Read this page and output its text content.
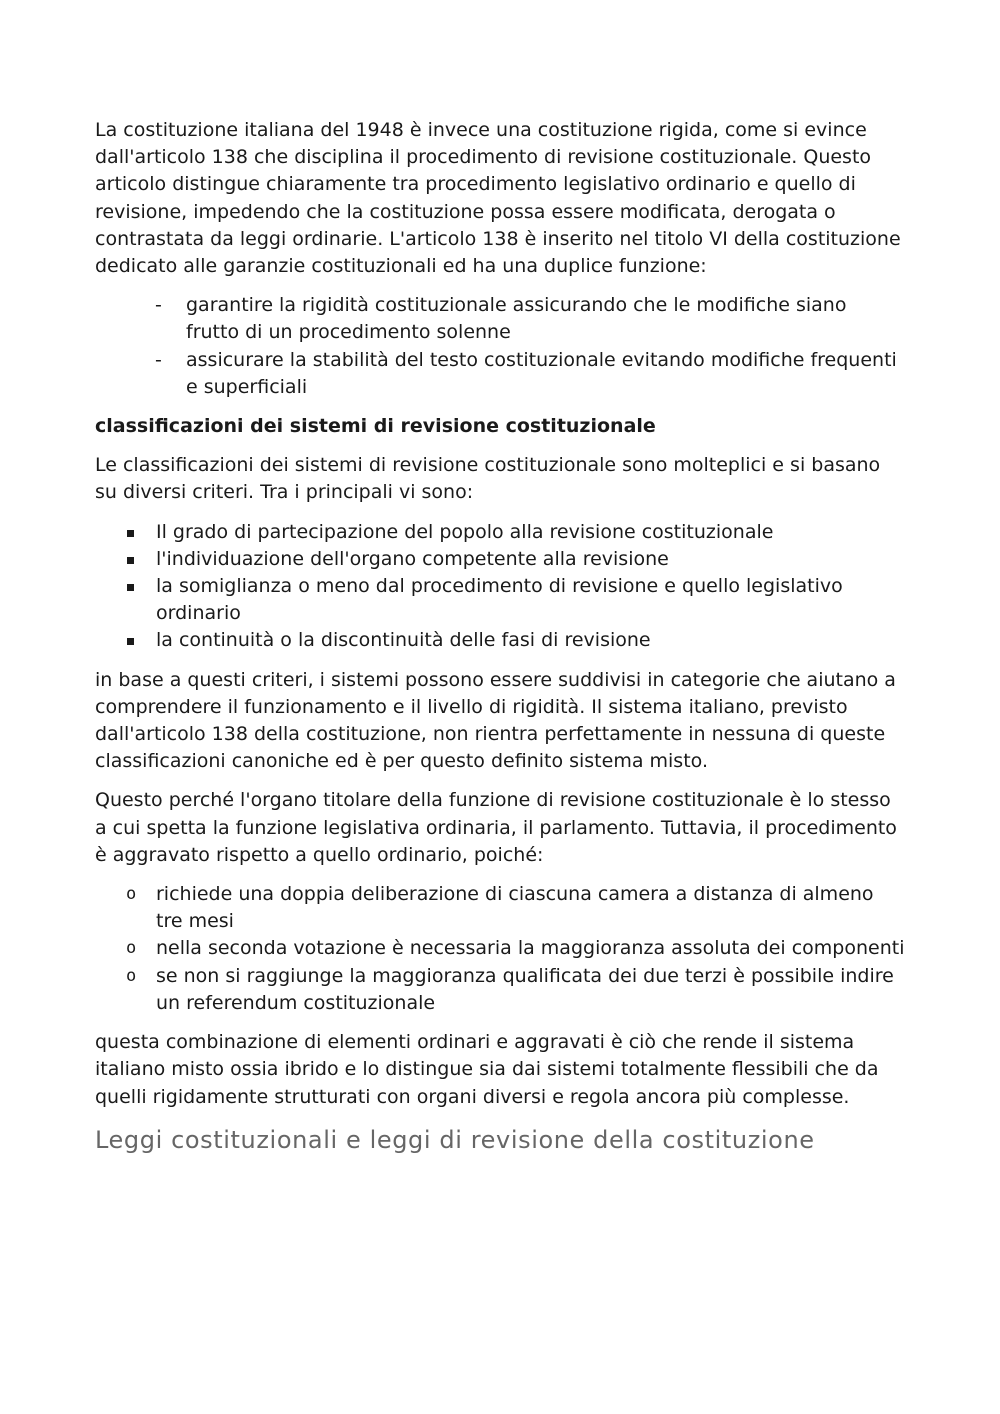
La costituzione italiana del 1948 è invece una costituzione rigida, come si evince dall'articolo 138 che disciplina il procedimento di revisione costituzionale. Questo articolo distingue chiaramente tra procedimento legislativo ordinario e quello di revisione, impedendo che la costituzione possa essere modificata, derogata o contrastata da leggi ordinarie. L'articolo 138 è inserito nel titolo VI della costituzione dedicato alle garanzie costituzionali ed ha una duplice funzione:

- garantire la rigidità costituzionale assicurando che le modifiche siano frutto di un procedimento solenne
- assicurare la stabilità del testo costituzionale evitando modifiche frequenti e superficiali
classificazioni dei sistemi di revisione costituzionale

Le classificazioni dei sistemi di revisione costituzionale sono molteplici e si basano su diversi criteri. Tra i principali vi sono:

Il grado di partecipazione del popolo alla revisione costituzionale
l'individuazione dell'organo competente alla revisione
la somiglianza o meno dal procedimento di revisione e quello legislativo ordinario
la continuità o la discontinuità delle fasi di revisione

in base a questi criteri, i sistemi possono essere suddivisi in categorie che aiutano a comprendere il funzionamento e il livello di rigidità. Il sistema italiano, previsto dall'articolo 138 della costituzione, non rientra perfettamente in nessuna di queste classificazioni canoniche ed è per questo definito sistema misto.

Questo perché l'organo titolare della funzione di revisione costituzionale è lo stesso a cui spetta la funzione legislativa ordinaria, il parlamento. Tuttavia, il procedimento è aggravato rispetto a quello ordinario, poiché:

o richiede una doppia deliberazione di ciascuna camera a distanza di almeno tre mesi
o nella seconda votazione è necessaria la maggioranza assoluta dei componenti
o se non si raggiunge la maggioranza qualificata dei due terzi è possibile indire un referendum costituzionale

questa combinazione di elementi ordinari e aggravati è ciò che rende il sistema italiano misto ossia ibrido e lo distingue sia dai sistemi totalmente flessibili che da quelli rigidamente strutturati con organi diversi e regola ancora più complesse.

Leggi costituzionali e leggi di revisione della costituzione
